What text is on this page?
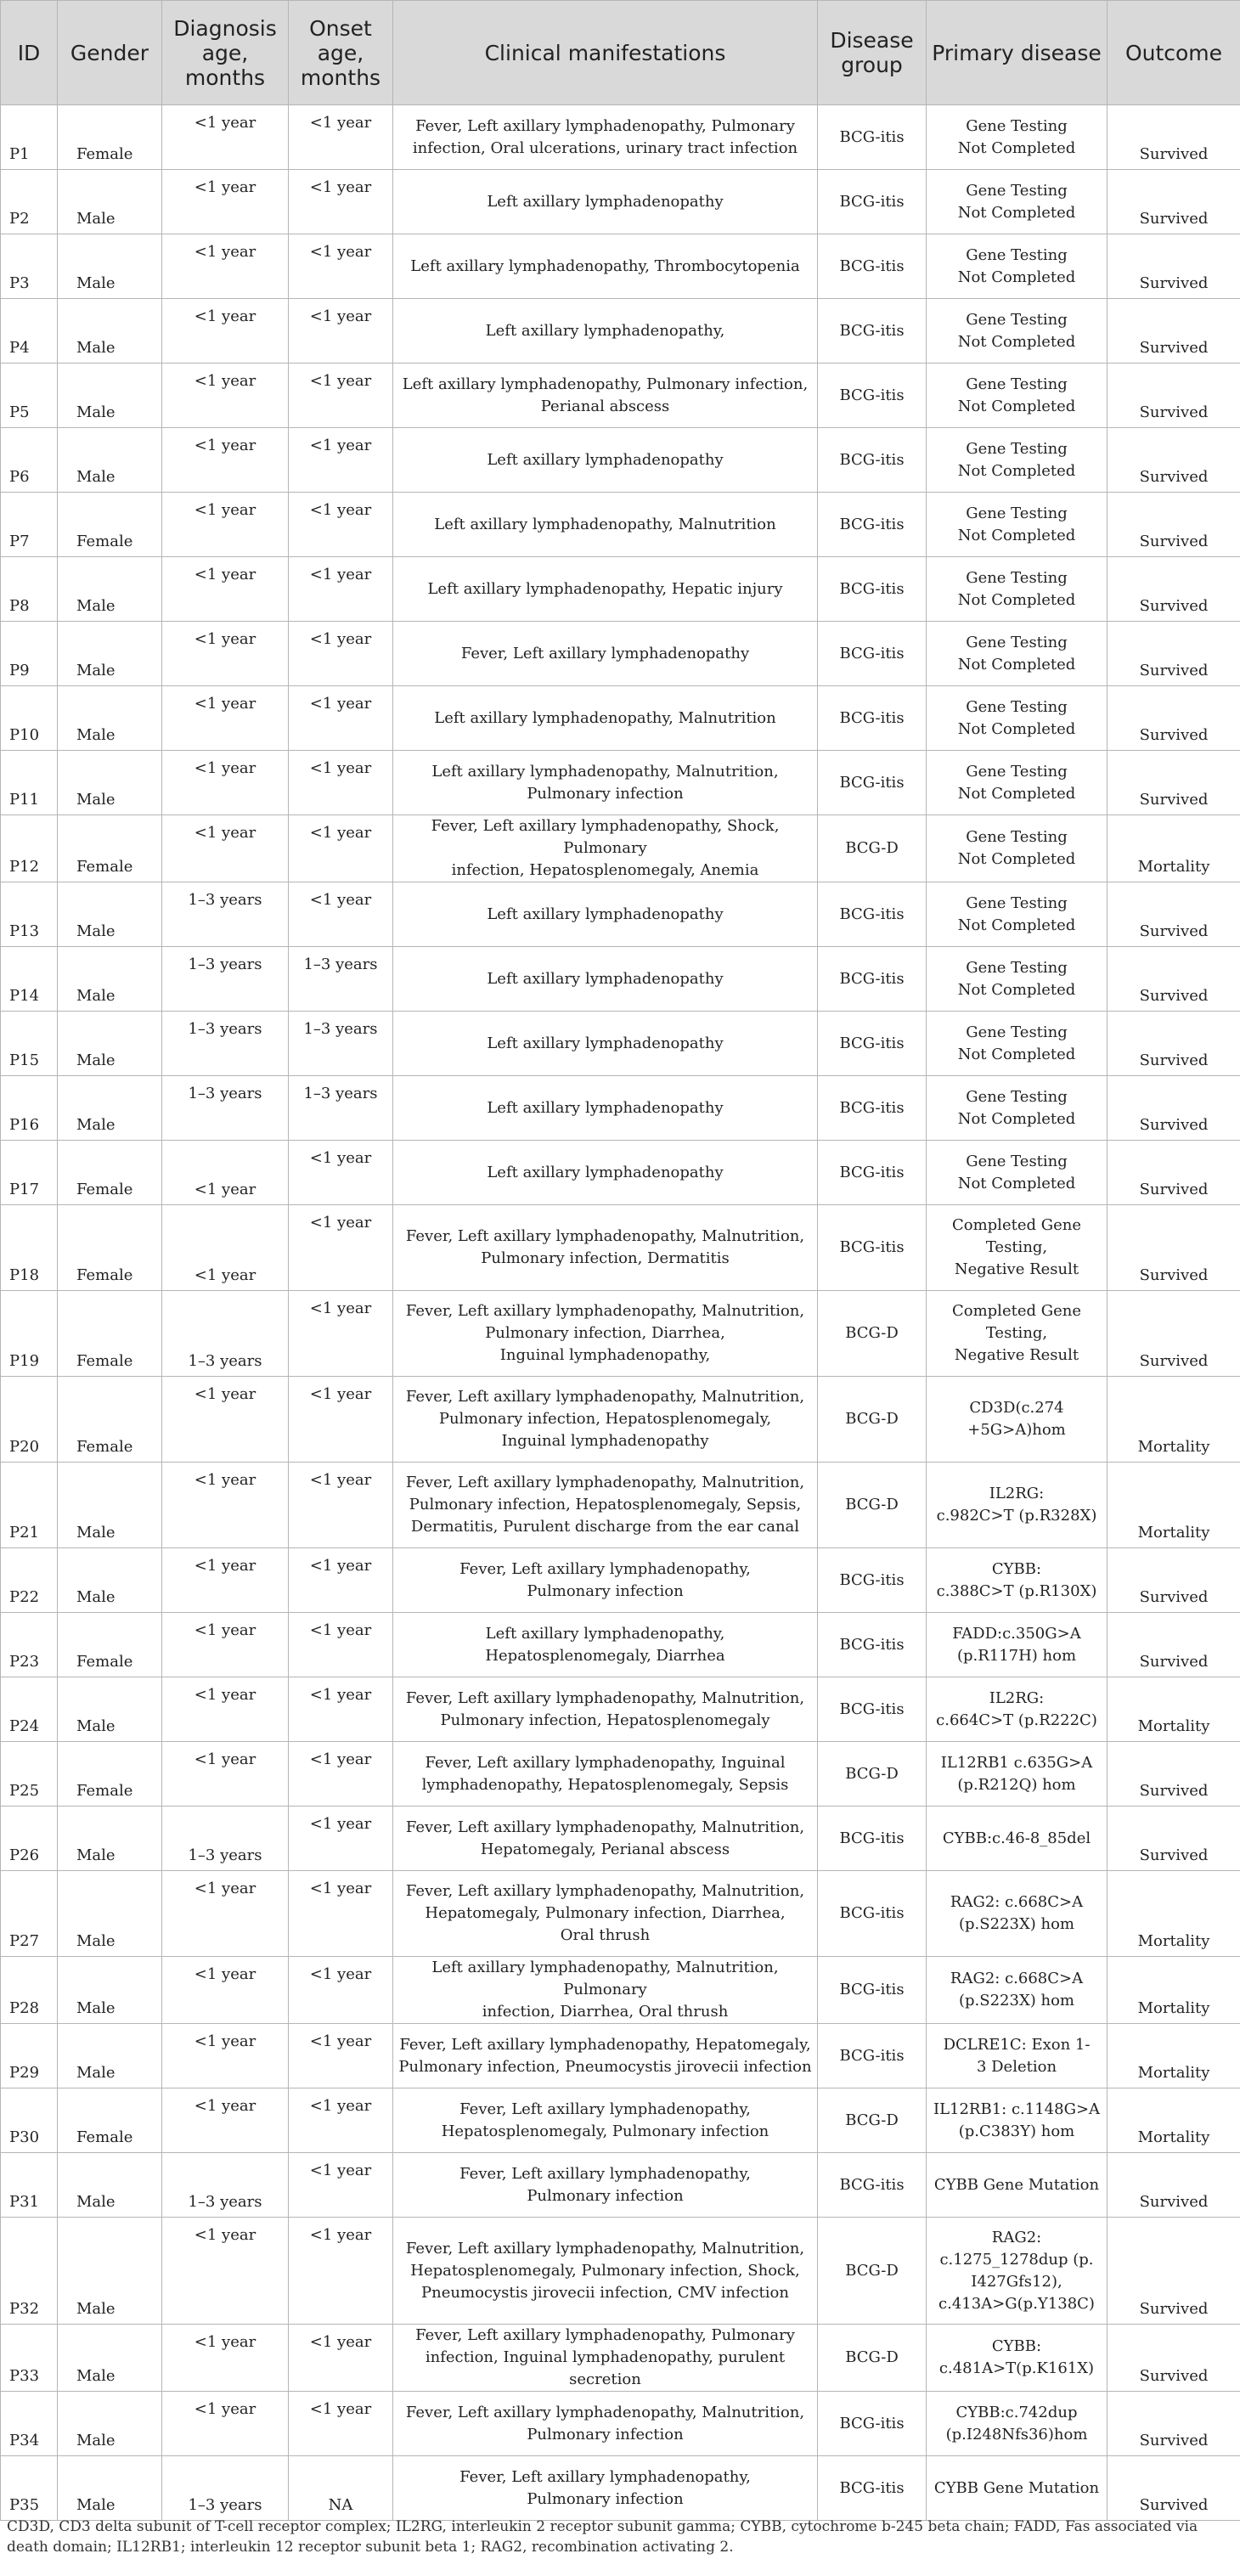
ID	Gender	Diagnosis age, months	Onset age, months	Clinical manifestations	Disease group	Primary disease	Outcome

P1	Female	<1 year	<1 year	Fever, Left axillary lymphadenopathy, Pulmonary
infection, Oral ulcerations, urinary tract infection	BCG-itis	Gene Testing
Not Completed	Survived
P2	Male	<1 year	<1 year	Left axillary lymphadenopathy	BCG-itis	Gene Testing
Not Completed	Survived
P3	Male	<1 year	<1 year	Left axillary lymphadenopathy, Thrombocytopenia	BCG-itis	Gene Testing
Not Completed	Survived
P4	Male	<1 year	<1 year	Left axillary lymphadenopathy,	BCG-itis	Gene Testing
Not Completed	Survived
P5	Male	<1 year	<1 year	Left axillary lymphadenopathy, Pulmonary infection,
Perianal abscess	BCG-itis	Gene Testing
Not Completed	Survived
P6	Male	<1 year	<1 year	Left axillary lymphadenopathy	BCG-itis	Gene Testing
Not Completed	Survived
P7	Female	<1 year	<1 year	Left axillary lymphadenopathy, Malnutrition	BCG-itis	Gene Testing
Not Completed	Survived
P8	Male	<1 year	<1 year	Left axillary lymphadenopathy, Hepatic injury	BCG-itis	Gene Testing
Not Completed	Survived
P9	Male	<1 year	<1 year	Fever, Left axillary lymphadenopathy	BCG-itis	Gene Testing
Not Completed	Survived
P10	Male	<1 year	<1 year	Left axillary lymphadenopathy, Malnutrition	BCG-itis	Gene Testing
Not Completed	Survived
P11	Male	<1 year	<1 year	Left axillary lymphadenopathy, Malnutrition,
Pulmonary infection	BCG-itis	Gene Testing
Not Completed	Survived
P12	Female	<1 year	<1 year	Fever, Left axillary lymphadenopathy, Shock, Pulmonary
infection, Hepatosplenomegaly, Anemia	BCG-D	Gene Testing
Not Completed	Mortality
P13	Male	1–3 years	<1 year	Left axillary lymphadenopathy	BCG-itis	Gene Testing
Not Completed	Survived
P14	Male	1–3 years	1–3 years	Left axillary lymphadenopathy	BCG-itis	Gene Testing
Not Completed	Survived
P15	Male	1–3 years	1–3 years	Left axillary lymphadenopathy	BCG-itis	Gene Testing
Not Completed	Survived
P16	Male	1–3 years	1–3 years	Left axillary lymphadenopathy	BCG-itis	Gene Testing
Not Completed	Survived
P17	Female	<1 year	<1 year	Left axillary lymphadenopathy	BCG-itis	Gene Testing
Not Completed	Survived
P18	Female	<1 year	<1 year	Fever, Left axillary lymphadenopathy, Malnutrition,
Pulmonary infection, Dermatitis	BCG-itis	Completed Gene
Testing,
Negative Result	Survived
P19	Female	1–3 years	<1 year	Fever, Left axillary lymphadenopathy, Malnutrition,
Pulmonary infection, Diarrhea,
Inguinal lymphadenopathy,	BCG-D	Completed Gene
Testing,
Negative Result	Survived
P20	Female	<1 year	<1 year	Fever, Left axillary lymphadenopathy, Malnutrition,
Pulmonary infection, Hepatosplenomegaly,
Inguinal lymphadenopathy	BCG-D	CD3D(c.274
+5G>A)hom	Mortality
P21	Male	<1 year	<1 year	Fever, Left axillary lymphadenopathy, Malnutrition,
Pulmonary infection, Hepatosplenomegaly, Sepsis,
Dermatitis, Purulent discharge from the ear canal	BCG-D	IL2RG:
c.982C>T (p.R328X)	Mortality
P22	Male	<1 year	<1 year	Fever, Left axillary lymphadenopathy,
Pulmonary infection	BCG-itis	CYBB:
c.388C>T (p.R130X)	Survived
P23	Female	<1 year	<1 year	Left axillary lymphadenopathy,
Hepatosplenomegaly, Diarrhea	BCG-itis	FADD:c.350G>A
(p.R117H) hom	Survived
P24	Male	<1 year	<1 year	Fever, Left axillary lymphadenopathy, Malnutrition,
Pulmonary infection, Hepatosplenomegaly	BCG-itis	IL2RG:
c.664C>T (p.R222C)	Mortality
P25	Female	<1 year	<1 year	Fever, Left axillary lymphadenopathy, Inguinal
lymphadenopathy, Hepatosplenomegaly, Sepsis	BCG-D	IL12RB1 c.635G>A
(p.R212Q) hom	Survived
P26	Male	1–3 years	<1 year	Fever, Left axillary lymphadenopathy, Malnutrition,
Hepatomegaly, Perianal abscess	BCG-itis	CYBB:c.46-8_85del	Survived
P27	Male	<1 year	<1 year	Fever, Left axillary lymphadenopathy, Malnutrition,
Hepatomegaly, Pulmonary infection, Diarrhea,
Oral thrush	BCG-itis	RAG2: c.668C>A
(p.S223X) hom	Mortality
P28	Male	<1 year	<1 year	Left axillary lymphadenopathy, Malnutrition, Pulmonary
infection, Diarrhea, Oral thrush	BCG-itis	RAG2: c.668C>A
(p.S223X) hom	Mortality
P29	Male	<1 year	<1 year	Fever, Left axillary lymphadenopathy, Hepatomegaly,
Pulmonary infection, Pneumocystis jirovecii infection	BCG-itis	DCLRE1C: Exon 1-
3 Deletion	Mortality
P30	Female	<1 year	<1 year	Fever, Left axillary lymphadenopathy,
Hepatosplenomegaly, Pulmonary infection	BCG-D	IL12RB1: c.1148G>A
(p.C383Y) hom	Mortality
P31	Male	1–3 years	<1 year	Fever, Left axillary lymphadenopathy,
Pulmonary infection	BCG-itis	CYBB Gene Mutation	Survived
P32	Male	<1 year	<1 year	Fever, Left axillary lymphadenopathy, Malnutrition,
Hepatosplenomegaly, Pulmonary infection, Shock,
Pneumocystis jirovecii infection, CMV infection	BCG-D	RAG2:
c.1275_1278dup (p.
I427Gfs12),
c.413A>G(p.Y138C)	Survived
P33	Male	<1 year	<1 year	Fever, Left axillary lymphadenopathy, Pulmonary
infection, Inguinal lymphadenopathy, purulent secretion	BCG-D	CYBB:
c.481A>T(p.K161X)	Survived
P34	Male	<1 year	<1 year	Fever, Left axillary lymphadenopathy, Malnutrition,
Pulmonary infection	BCG-itis	CYBB:c.742dup
(p.I248Nfs36)hom	Survived
P35	Male	1–3 years	NA	Fever, Left axillary lymphadenopathy,
Pulmonary infection	BCG-itis	CYBB Gene Mutation	Survived
CD3D, CD3 delta subunit of T-cell receptor complex; IL2RG, interleukin 2 receptor subunit gamma; CYBB, cytochrome b-245 beta chain; FADD, Fas associated via death domain; IL12RB1; interleukin 12 receptor subunit beta 1; RAG2, recombination activating 2.
